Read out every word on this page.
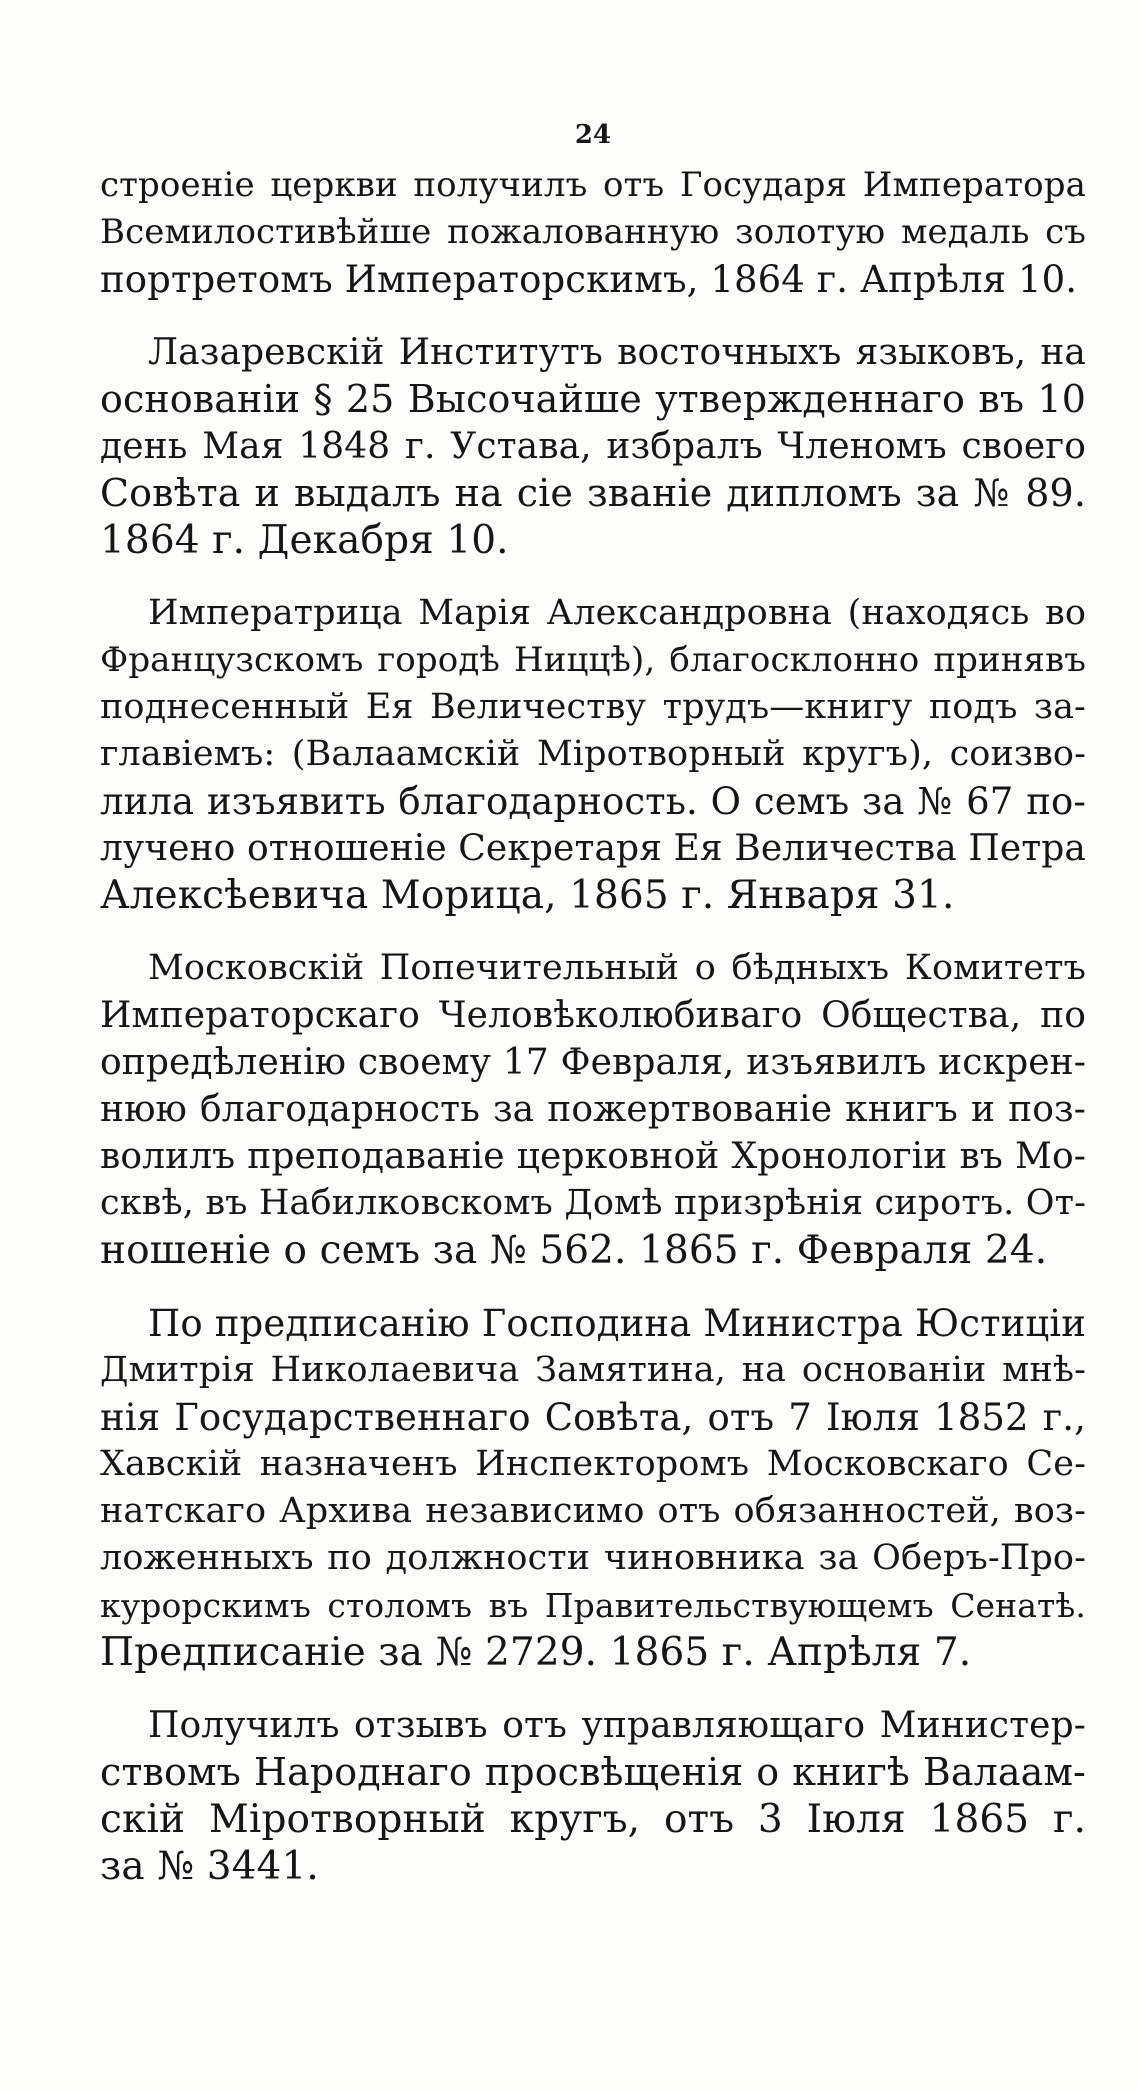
24
строеніе церкви получилъ отъ Государя Императора
Всемилостивѣйше пожалованную золотую медаль съ
портретомъ Императорскимъ, 1864 г. Апрѣля 10.
Лазаревскій Институтъ восточныхъ языковъ, на
основаніи § 25 Высочайше утвержденнаго въ 10
день Мая 1848 г. Устава, избралъ Членомъ своего
Совѣта и выдалъ на сіе званіе дипломъ за № 89.
1864 г. Декабря 10.
Императрица Марія Александровна (находясь во
Французскомъ городѣ Ниццѣ), благосклонно принявъ
поднесенный Ея Величеству трудъ—книгу подъ за-
главіемъ: (Валаамскій Міротворный кругъ), соизво-
лила изъявить благодарность. О семъ за № 67 по-
лучено отношеніе Секретаря Ея Величества Петра
Алексѣевича Морица, 1865 г. Января 31.
Московскій Попечительный о бѣдныхъ Комитетъ
Императорскаго Человѣколюбиваго Общества, по
опредѣленію своему 17 Февраля, изъявилъ искрен-
нюю благодарность за пожертвованіе книгъ и поз-
волилъ преподаваніе церковной Хронологіи въ Мо-
сквѣ, въ Набилковскомъ Домѣ призрѣнія сиротъ. От-
ношеніе о семъ за № 562. 1865 г. Февраля 24.
По предписанію Господина Министра Юстиціи
Дмитрія Николаевича Замятина, на основаніи мнѣ-
нія Государственнаго Совѣта, отъ 7 Іюля 1852 г.,
Хавскій назначенъ Инспекторомъ Московскаго Се-
натскаго Архива независимо отъ обязанностей, воз-
ложенныхъ по должности чиновника за Оберъ-Про-
курорскимъ столомъ въ Правительствующемъ Сенатѣ.
Предписаніе за № 2729. 1865 г. Апрѣля 7.
Получилъ отзывъ отъ управляющаго Министер-
ствомъ Народнаго просвѣщенія о книгѣ Валаам-
скій Міротворный кругъ, отъ 3 Іюля 1865 г.
за № 3441.
